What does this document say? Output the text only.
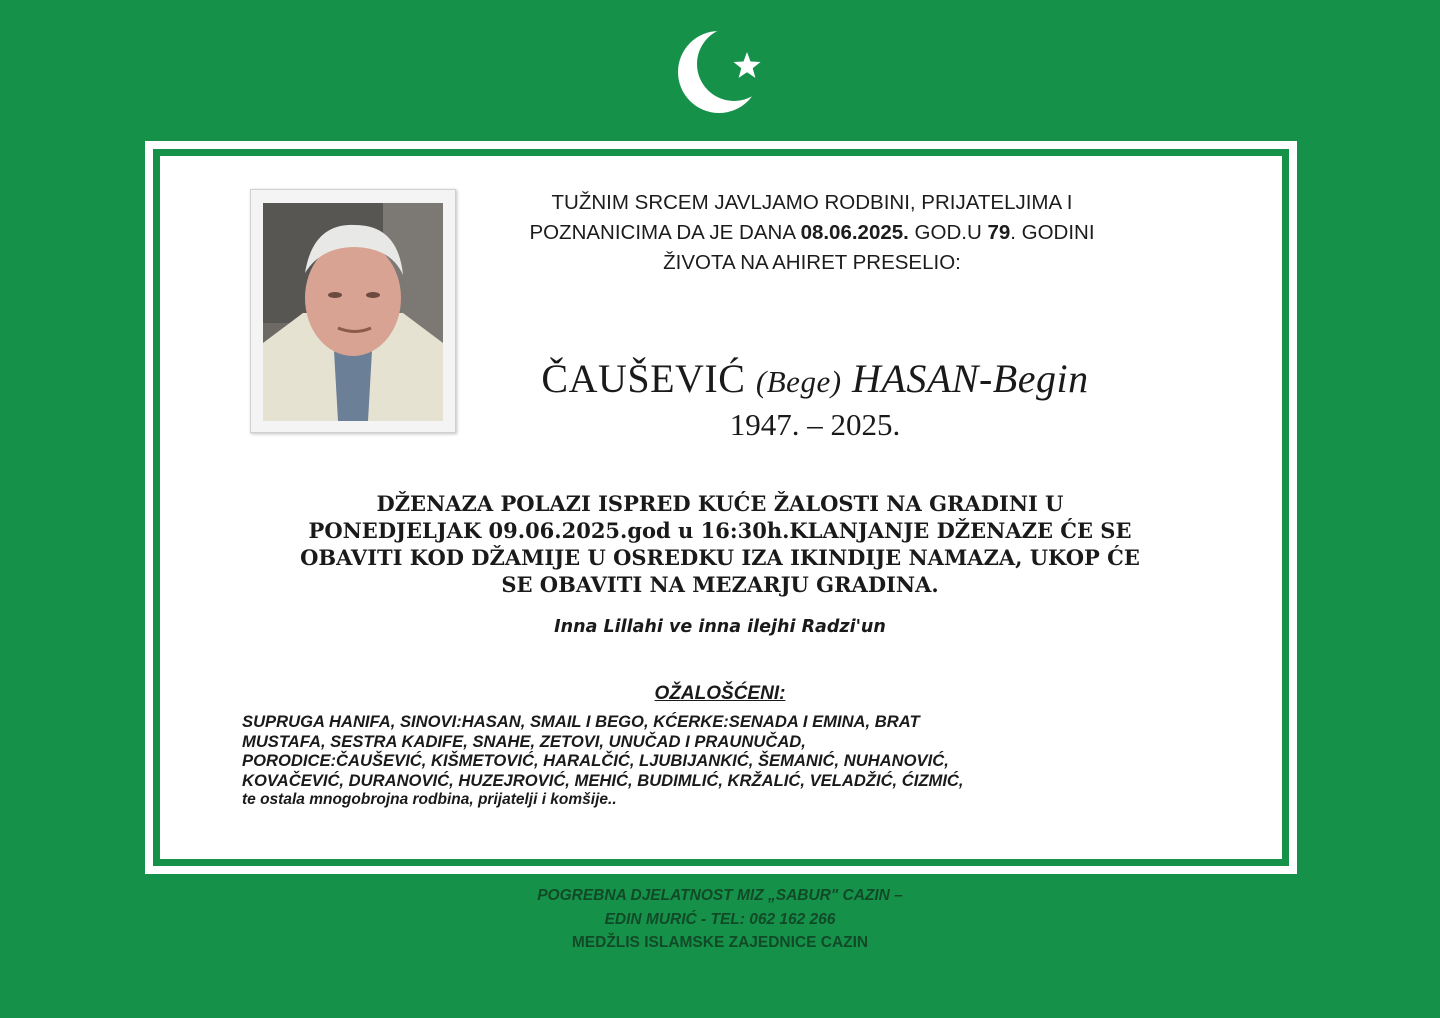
TUŽNIM SRCEM JAVLJAMO RODBINI, PRIJATELJIMA I
POZNANICIMA DA JE DANA 08.06.2025. GOD.U 79. GODINI
ŽIVOTA NA AHIRET PRESELIO:
ČAUŠEVIĆ (Bege) HASAN-Begin
1947. – 2025.
DŽENAZA POLAZI ISPRED KUĆE ŽALOSTI NA GRADINI U
PONEDJELJAK 09.06.2025.god u 16:30h.KLANJANJE DŽENAZE ĆE SE
OBAVITI KOD DŽAMIJE U OSREDKU IZA IKINDIJE NAMAZA, UKOP ĆE
SE OBAVITI NA MEZARJU GRADINA.
Inna Lillahi ve inna ilejhi Radzi'un
OŽALOŠĆENI:
SUPRUGA HANIFA, SINOVI:HASAN, SMAIL I BEGO, KĆERKE:SENADA I EMINA, BRAT
MUSTAFA, SESTRA KADIFE, SNAHE, ZETOVI, UNUČAD I PRAUNUČAD,
PORODICE:ČAUŠEVIĆ, KIŠMETOVIĆ, HARALČIĆ, LJUBIJANKIĆ, ŠEMANIĆ, NUHANOVIĆ,
KOVAČEVIĆ, DURANOVIĆ, HUZEJROVIĆ, MEHIĆ, BUDIMLIĆ, KRŽALIĆ, VELADŽIĆ, ĆIZMIĆ,
te ostala mnogobrojna rodbina, prijatelji i komšije..
POGREBNA DJELATNOST MIZ „SABUR" CAZIN –
EDIN MURIĆ - TEL: 062 162 266
MEDŽLIS ISLAMSKE ZAJEDNICE CAZIN
